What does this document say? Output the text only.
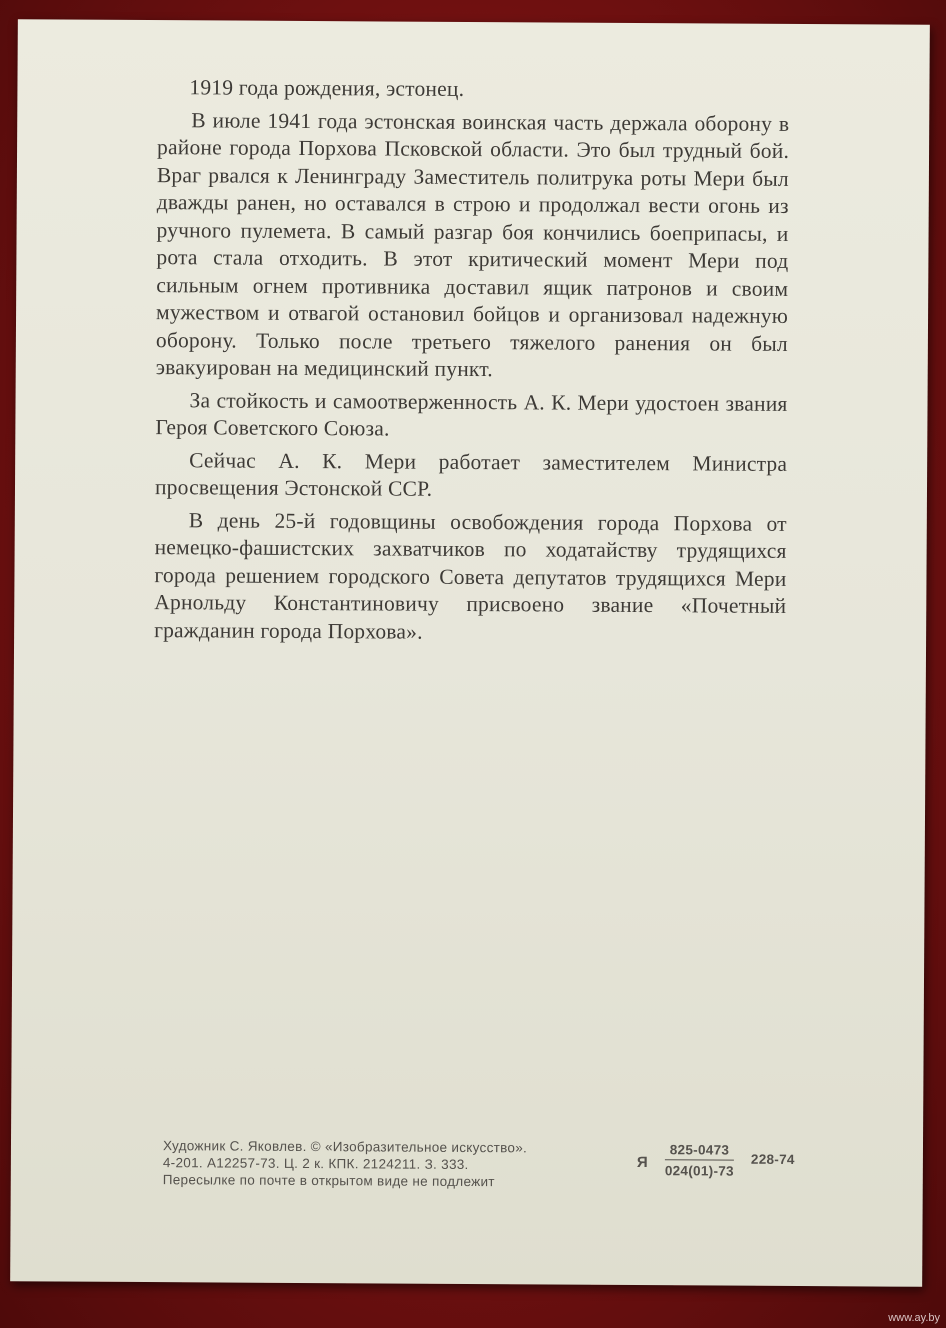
1919 года рождения, эстонец.

В июле 1941 года эстонская воинская часть держала оборону в районе города Порхова Псковской области. Это был трудный бой. Враг рвался к Ленинграду Заместитель политрука роты Мери был дважды ранен, но оставался в строю и продолжал вести огонь из ручного пулемета. В самый разгар боя кончились боеприпасы, и рота стала отходить. В этот критический момент Мери под сильным огнем противника доставил ящик патронов и своим мужеством и отвагой остановил бойцов и организовал надежную оборону. Только после третьего тяжелого ранения он был эвакуирован на медицинский пункт.

За стойкость и самоотверженность А. К. Мери удостоен звания Героя Советского Союза.

Сейчас А. К. Мери работает заместителем Министра просвещения Эстонской ССР.

В день 25-й годовщины освобождения города Порхова от немецко-фашистских захватчиков по ходатайству трудящихся города решением городского Совета депутатов трудящихся Мери Арнольду Константиновичу присвоено звание «Почетный гражданин города Порхова».

Художник С. Яковлев. © «Изобразительное искусство».
4-201. А12257-73. Ц. 2 к. КПК. 2124211. З. 333.
Пересылке по почте в открытом виде не подлежит
Я $\frac{825-0473}{024(01)-73} 228-74$
www.ay.by
